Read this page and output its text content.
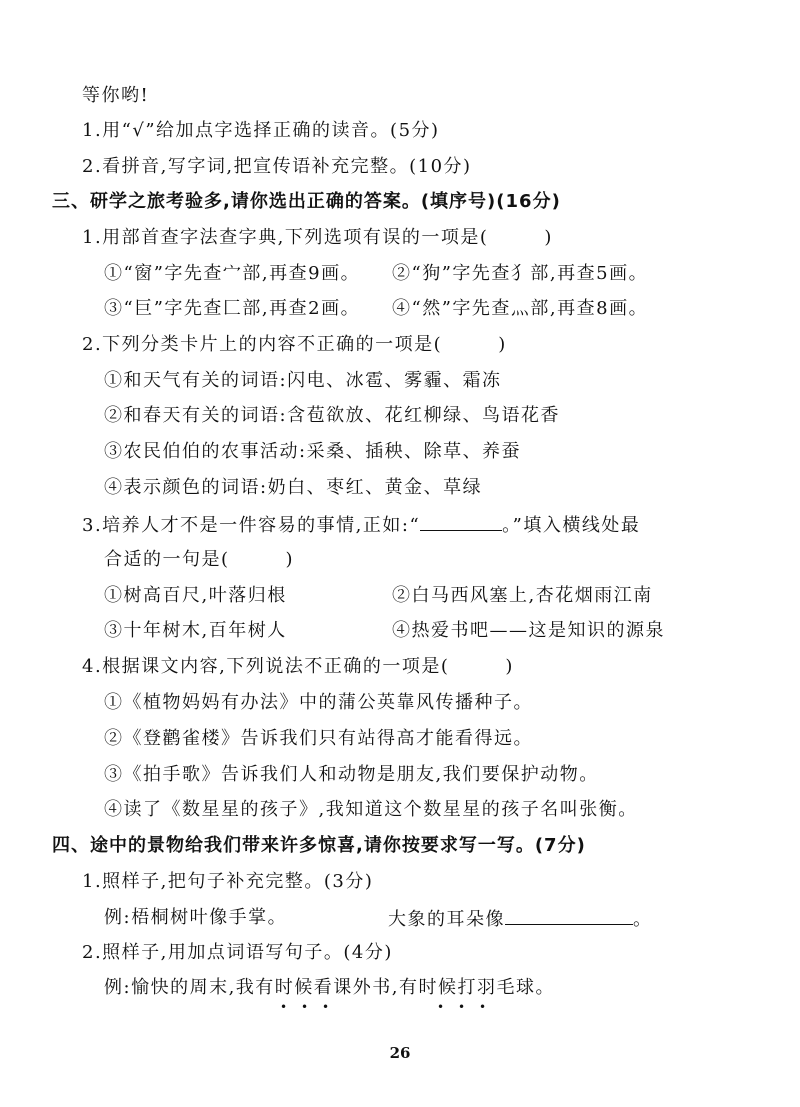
等你哟!
1.用“√”给加点字选择正确的读音。(5分)
2.看拼音,写字词,把宣传语补充完整。(10分)
三、研学之旅考验多,请你选出正确的答案。(填序号)(16分)
1.用部首查字法查字典,下列选项有误的一项是(	)
①“窗”字先查宀部,再查9画。 ②“狗”字先查犭部,再查5画。
③“巨”字先查匚部,再查2画。 ④“然”字先查灬部,再查8画。
2.下列分类卡片上的内容不正确的一项是(	)
①和天气有关的词语:闪电、冰雹、雾霾、霜冻
②和春天有关的词语:含苞欲放、花红柳绿、鸟语花香
③农民伯伯的农事活动:采桑、插秧、除草、养蚕
④表示颜色的词语:奶白、枣红、黄金、草绿
3.培养人才不是一件容易的事情,正如:“	。”填入横线处最
合适的一句是(	)
①树高百尺,叶落归根	②白马西风塞上,杏花烟雨江南
③十年树木,百年树人	④热爱书吧——这是知识的源泉
4.根据课文内容,下列说法不正确的一项是(	)
①《植物妈妈有办法》中的蒲公英靠风传播种子。
②《登鹳雀楼》告诉我们只有站得高才能看得远。
③《拍手歌》告诉我们人和动物是朋友,我们要保护动物。
④读了《数星星的孩子》,我知道这个数星星的孩子名叫张衡。
四、途中的景物给我们带来许多惊喜,请你按要求写一写。(7分)
1.照样子,把句子补充完整。(3分)
例:梧桐树叶像手掌。	大象的耳朵像	。
2.照样子,用加点词语写句子。(4分)
例:愉快的周末,我有时候看课外书,有时候打羽毛球。
• • •	• • •
26
